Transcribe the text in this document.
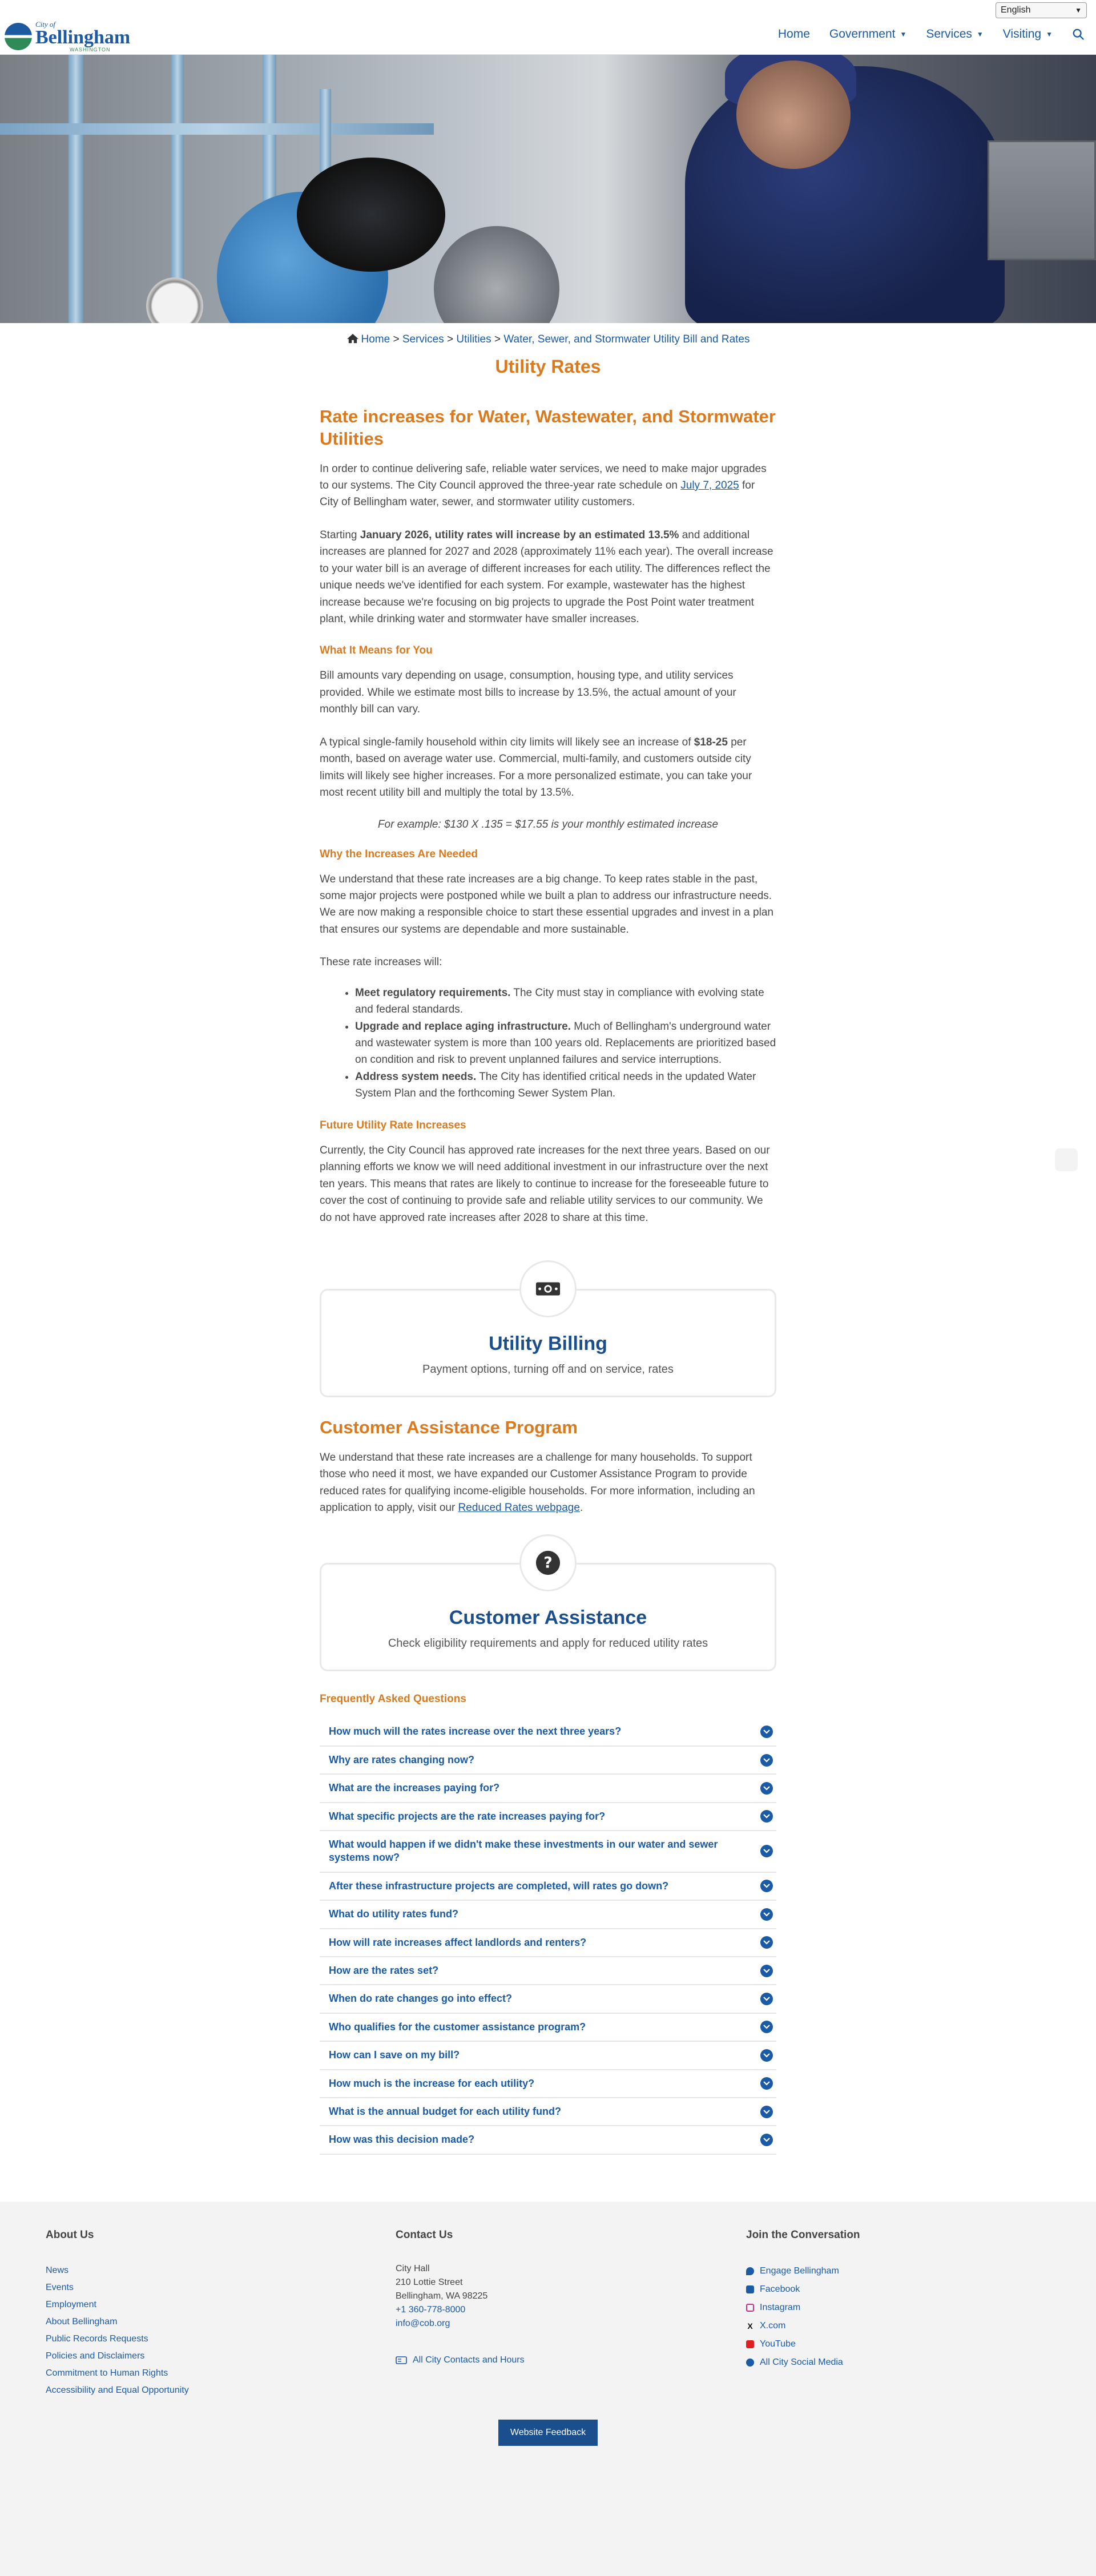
English	▼
City of
Bellingham
WASHINGTON
Home Government ▼ Services ▼ Visiting ▼
Home > Services > Utilities > Water, Sewer, and Stormwater Utility Bill and Rates
Utility Rates
Rate increases for Water, Wastewater, and Stormwater Utilities

In order to continue delivering safe, reliable water services, we need to make major upgrades to our systems. The City Council approved the three-year rate schedule on July 7, 2025 for City of Bellingham water, sewer, and stormwater utility customers.

Starting January 2026, utility rates will increase by an estimated 13.5% and additional increases are planned for 2027 and 2028 (approximately 11% each year). The overall increase to your water bill is an average of different increases for each utility. The differences reflect the unique needs we've identified for each system. For example, wastewater has the highest increase because we're focusing on big projects to upgrade the Post Point water treatment plant, while drinking water and stormwater have smaller increases.

What It Means for You

Bill amounts vary depending on usage, consumption, housing type, and utility services provided. While we estimate most bills to increase by 13.5%, the actual amount of your monthly bill can vary.

A typical single-family household within city limits will likely see an increase of $18-25 per month, based on average water use. Commercial, multi-family, and customers outside city limits will likely see higher increases. For a more personalized estimate, you can take your most recent utility bill and multiply the total by 13.5%.

For example: $130 X .135 = $17.55 is your monthly estimated increase

Why the Increases Are Needed

We understand that these rate increases are a big change. To keep rates stable in the past, some major projects were postponed while we built a plan to address our infrastructure needs. We are now making a responsible choice to start these essential upgrades and invest in a plan that ensures our systems are dependable and more sustainable.

These rate increases will:

• Meet regulatory requirements. The City must stay in compliance with evolving state and federal standards.
• Upgrade and replace aging infrastructure. Much of Bellingham's underground water and wastewater system is more than 100 years old. Replacements are prioritized based on condition and risk to prevent unplanned failures and service interruptions.
• Address system needs. The City has identified critical needs in the updated Water System Plan and the forthcoming Sewer System Plan.
Future Utility Rate Increases

Currently, the City Council has approved rate increases for the next three years. Based on our planning efforts we know we will need additional investment in our infrastructure over the next ten years. This means that rates are likely to continue to increase for the foreseeable future to cover the cost of continuing to provide safe and reliable utility services to our community. We do not have approved rate increases after 2028 to share at this time.

Utility Billing
Payment options, turning off and on service, rates
Customer Assistance Program

We understand that these rate increases are a challenge for many households. To support those who need it most, we have expanded our Customer Assistance Program to provide reduced rates for qualifying income-eligible households. For more information, including an application to apply, visit our Reduced Rates webpage.

?
Customer Assistance
Check eligibility requirements and apply for reduced utility rates
Frequently Asked Questions
How much will the rates increase over the next three years?
Why are rates changing now?
What are the increases paying for?
What specific projects are the rate increases paying for?
What would happen if we didn't make these investments in our water and sewer systems now?
After these infrastructure projects are completed, will rates go down?
What do utility rates fund?
How will rate increases affect landlords and renters?
How are the rates set?
When do rate changes go into effect?
Who qualifies for the customer assistance program?
How can I save on my bill?
How much is the increase for each utility?
What is the annual budget for each utility fund?
How was this decision made?
About Us
News
Events
Employment
About Bellingham
Public Records Requests
Policies and Disclaimers
Commitment to Human Rights
Accessibility and Equal Opportunity
Contact Us
City Hall
210 Lottie Street
Bellingham, WA 98225
+1 360-778-8000
info@cob.org
All City Contacts and Hours
Join the Conversation
Engage Bellingham
Facebook
Instagram
X X.com
YouTube
All City Social Media
Website Feedback
